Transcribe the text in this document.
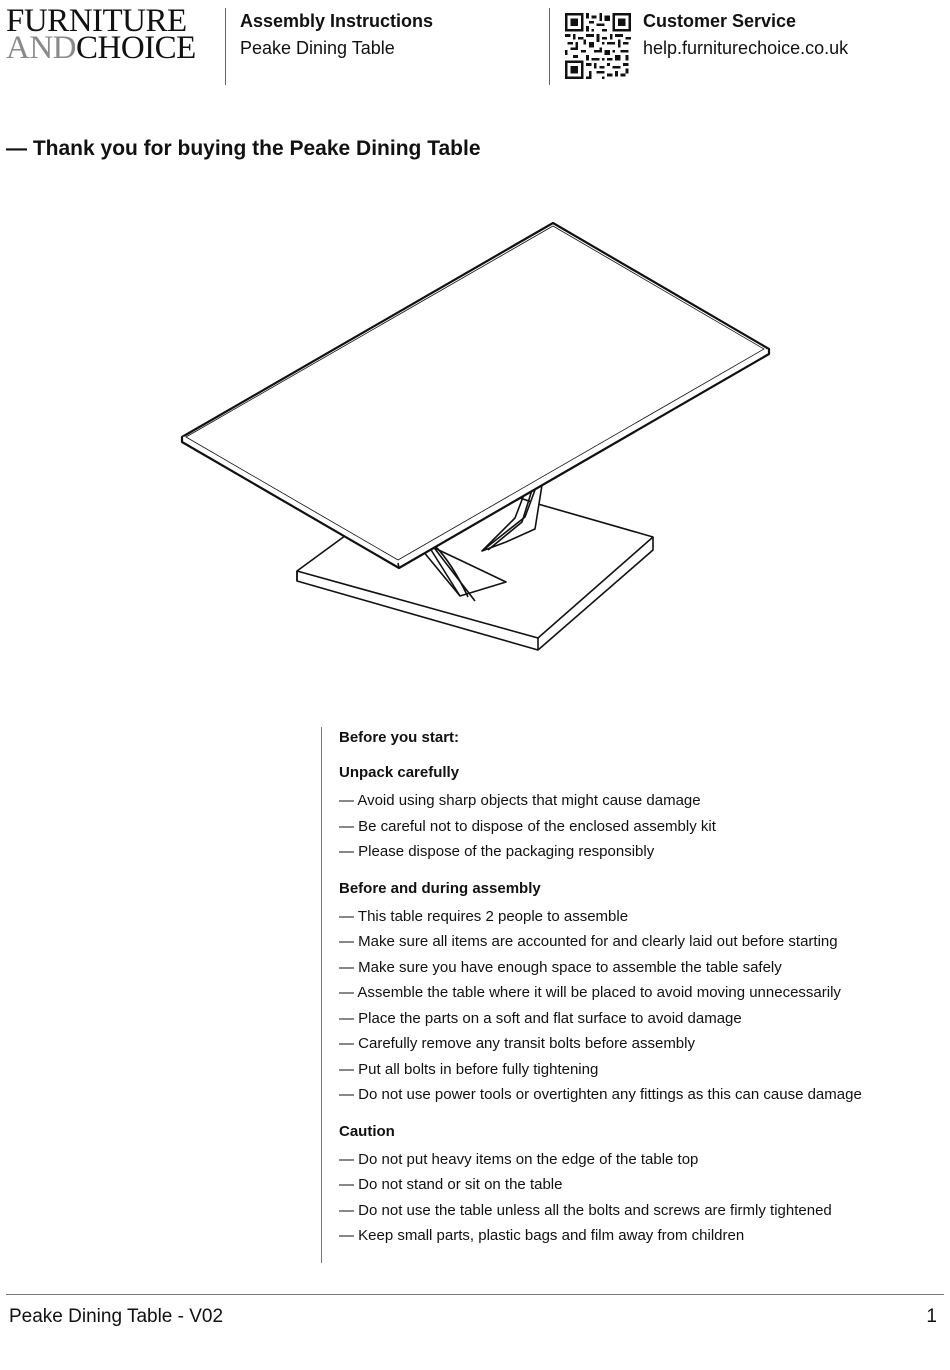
FURNITURE
ANDCHOICE
Assembly Instructions
Peake Dining Table
Customer Service
help.furniturechoice.co.uk
— Thank you for buying the Peake Dining Table
Before you start:
Unpack carefully
— Avoid using sharp objects that might cause damage
— Be careful not to dispose of the enclosed assembly kit
— Please dispose of the packaging responsibly
Before and during assembly
— This table requires 2 people to assemble
— Make sure all items are accounted for and clearly laid out before starting
— Make sure you have enough space to assemble the table safely
— Assemble the table where it will be placed to avoid moving unnecessarily
— Place the parts on a soft and flat surface to avoid damage
— Carefully remove any transit bolts before assembly
— Put all bolts in before fully tightening
— Do not use power tools or overtighten any fittings as this can cause damage
Caution
— Do not put heavy items on the edge of the table top
— Do not stand or sit on the table
— Do not use the table unless all the bolts and screws are firmly tightened
— Keep small parts, plastic bags and film away from children
Peake Dining Table - V02	1
